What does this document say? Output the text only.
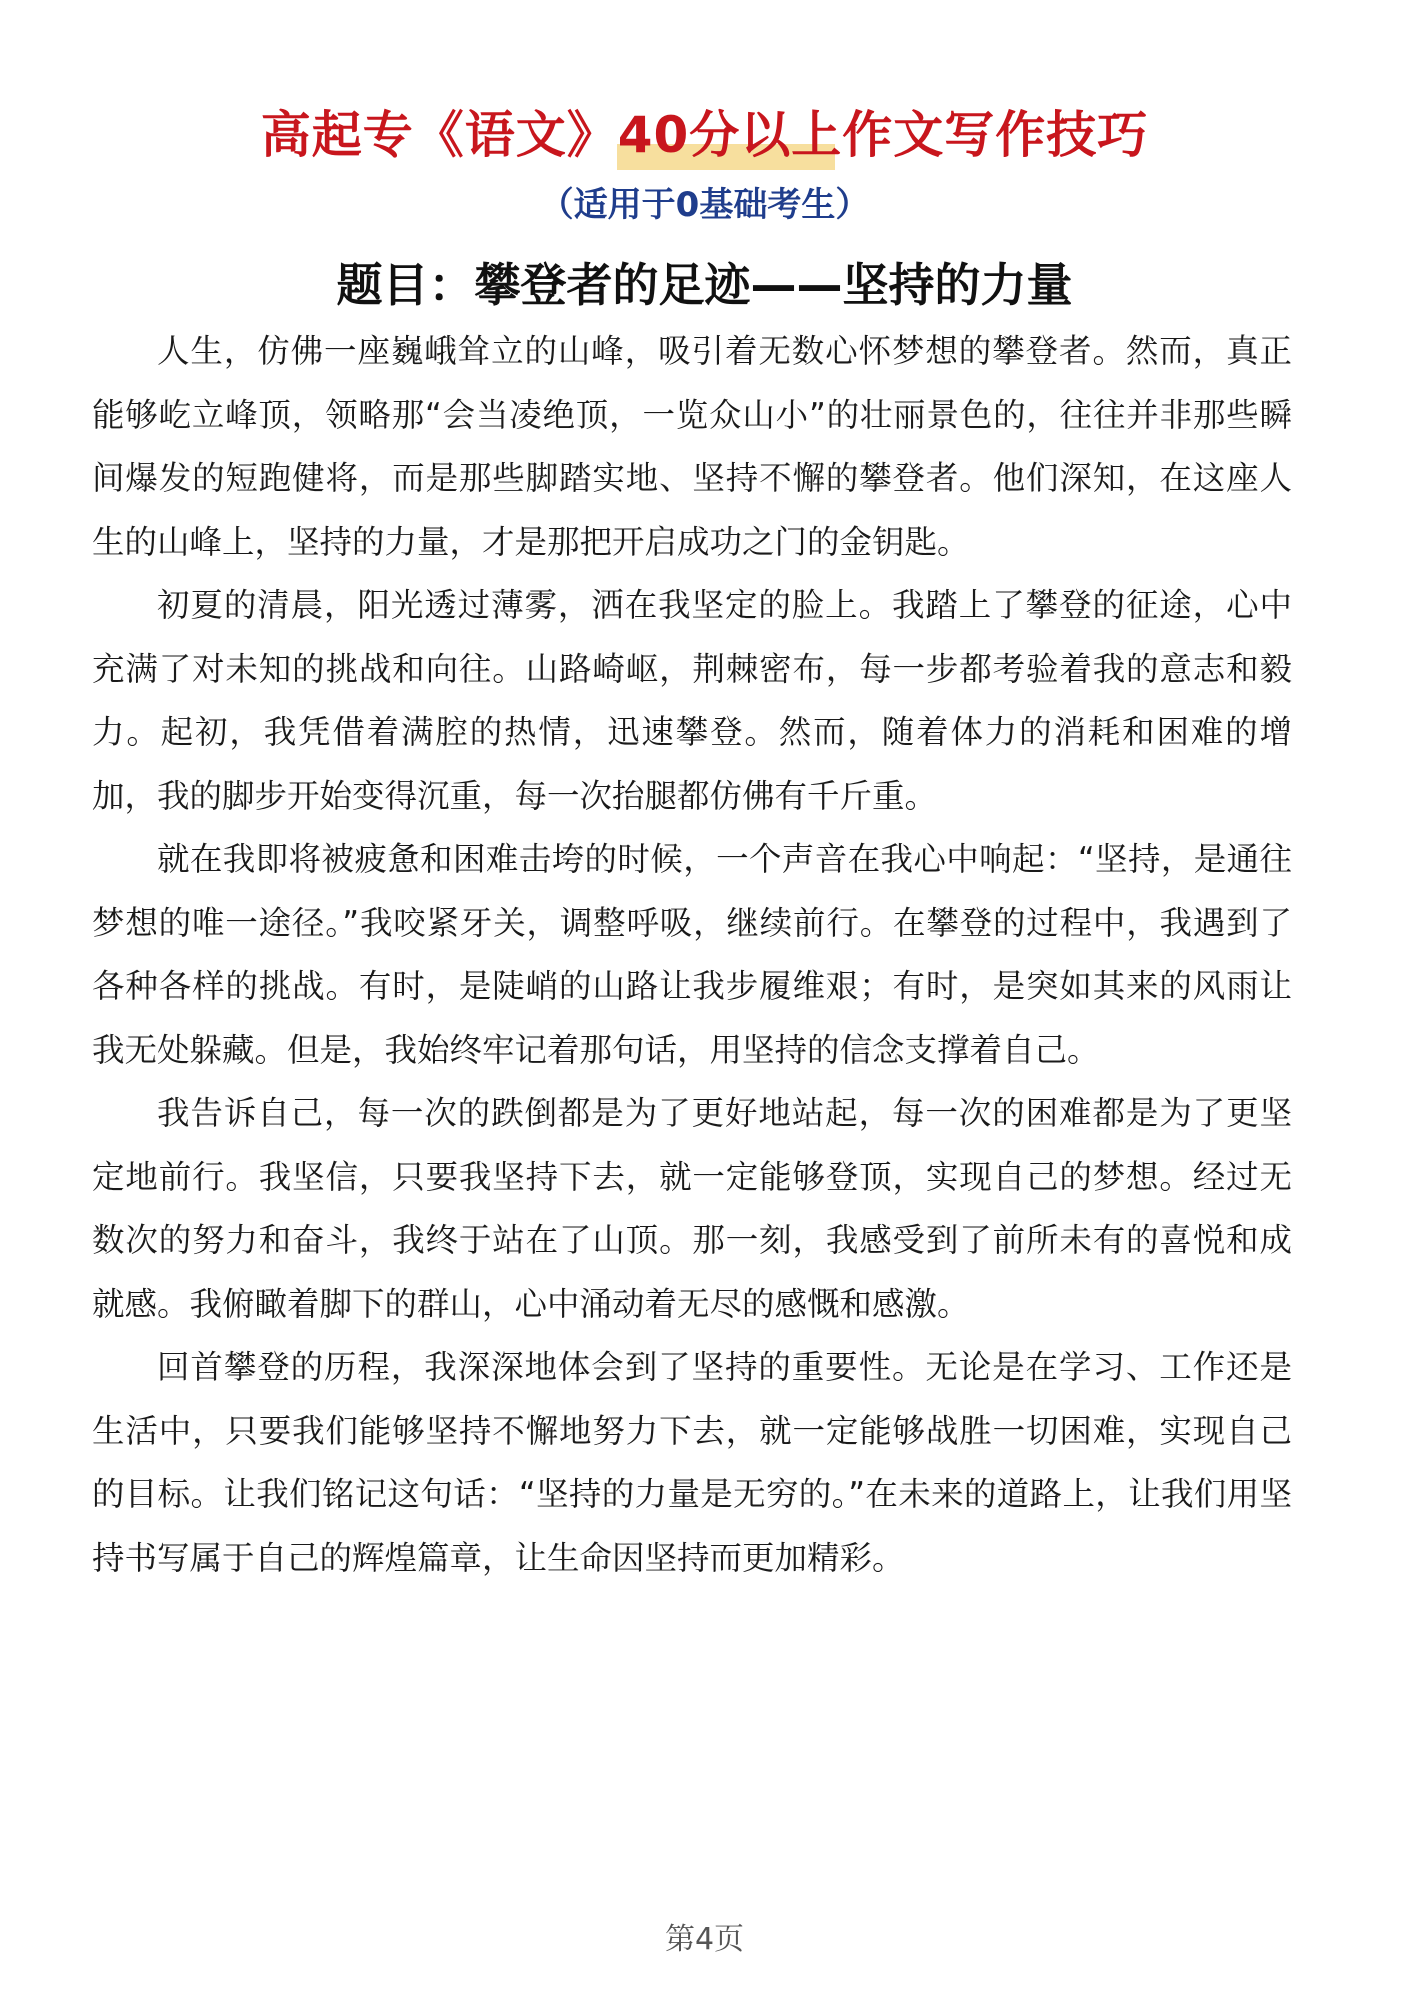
高起专《语文》40分以上作文写作技巧
（适用于0基础考生）
题目：攀登者的足迹——坚持的力量

人生，仿佛一座巍峨耸立的山峰，吸引着无数心怀梦想的攀登者。然而，真正能够屹立峰顶，领略那“会当凌绝顶，一览众山小”的壮丽景色的，往往并非那些瞬间爆发的短跑健将，而是那些脚踏实地、坚持不懈的攀登者。他们深知，在这座人生的山峰上，坚持的力量，才是那把开启成功之门的金钥匙。

初夏的清晨，阳光透过薄雾，洒在我坚定的脸上。我踏上了攀登的征途，心中充满了对未知的挑战和向往。山路崎岖，荆棘密布，每一步都考验着我的意志和毅力。起初，我凭借着满腔的热情，迅速攀登。然而，随着体力的消耗和困难的增加，我的脚步开始变得沉重，每一次抬腿都仿佛有千斤重。

就在我即将被疲惫和困难击垮的时候，一个声音在我心中响起：“坚持，是通往梦想的唯一途径。”我咬紧牙关，调整呼吸，继续前行。在攀登的过程中，我遇到了各种各样的挑战。有时，是陡峭的山路让我步履维艰；有时，是突如其来的风雨让我无处躲藏。但是，我始终牢记着那句话，用坚持的信念支撑着自己。

我告诉自己，每一次的跌倒都是为了更好地站起，每一次的困难都是为了更坚定地前行。我坚信，只要我坚持下去，就一定能够登顶，实现自己的梦想。经过无数次的努力和奋斗，我终于站在了山顶。那一刻，我感受到了前所未有的喜悦和成就感。我俯瞰着脚下的群山，心中涌动着无尽的感慨和感激。

回首攀登的历程，我深深地体会到了坚持的重要性。无论是在学习、工作还是生活中，只要我们能够坚持不懈地努力下去，就一定能够战胜一切困难，实现自己的目标。让我们铭记这句话：“坚持的力量是无穷的。”在未来的道路上，让我们用坚持书写属于自己的辉煌篇章，让生命因坚持而更加精彩。

第4页
